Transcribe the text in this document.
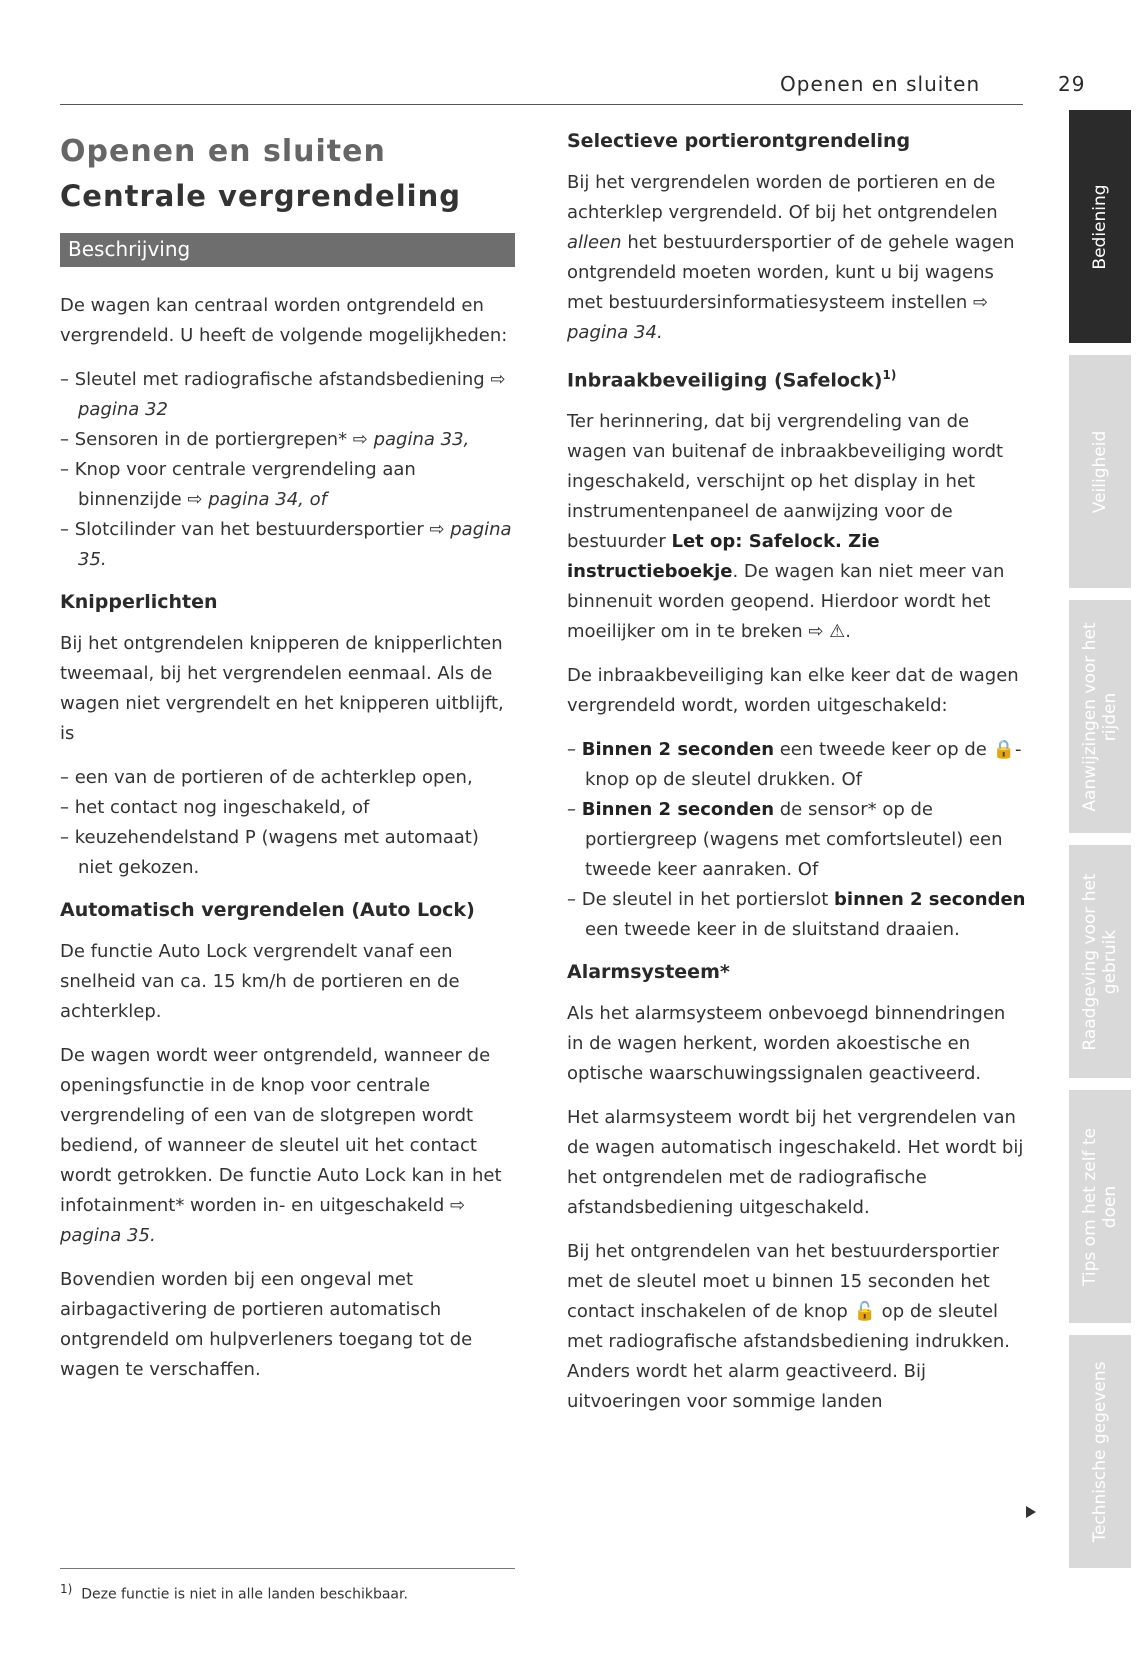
Openen en sluiten	29
Openen en sluiten
Centrale vergrendeling
Beschrijving

De wagen kan centraal worden ontgrendeld en vergrendeld. U heeft de volgende mogelijkheden:

– Sleutel met radiografische afstandsbediening ⇨ pagina 32
– Sensoren in de portiergrepen* ⇨ pagina 33,
– Knop voor centrale vergrendeling aan binnenzijde ⇨ pagina 34, of
– Slotcilinder van het bestuurdersportier ⇨ pagina 35.
Knipperlichten

Bij het ontgrendelen knipperen de knipperlichten tweemaal, bij het vergrendelen eenmaal. Als de wagen niet vergrendelt en het knipperen uitblijft, is

– een van de portieren of de achterklep open,
– het contact nog ingeschakeld, of
– keuzehendelstand P (wagens met automaat) niet gekozen.
Automatisch vergrendelen (Auto Lock)

De functie Auto Lock vergrendelt vanaf een snelheid van ca. 15 km/h de portieren en de achterklep.

De wagen wordt weer ontgrendeld, wanneer de openingsfunctie in de knop voor centrale vergrendeling of een van de slotgrepen wordt bediend, of wanneer de sleutel uit het contact wordt getrokken. De functie Auto Lock kan in het infotainment* worden in- en uitgeschakeld ⇨ pagina 35.

Bovendien worden bij een ongeval met airbagactivering de portieren automatisch ontgrendeld om hulpverleners toegang tot de wagen te verschaffen.

Selectieve portierontgrendeling

Bij het vergrendelen worden de portieren en de achterklep vergrendeld. Of bij het ontgrendelen alleen het bestuurdersportier of de gehele wagen ontgrendeld moeten worden, kunt u bij wagens met bestuurdersinformatiesysteem instellen ⇨ pagina 34.

Inbraakbeveiliging (Safelock)$^{1)}$

Ter herinnering, dat bij vergrendeling van de wagen van buitenaf de inbraakbeveiliging wordt ingeschakeld, verschijnt op het display in het instrumentenpaneel de aanwijzing voor de bestuurder Let op: Safelock. Zie instructieboekje. De wagen kan niet meer van binnenuit worden geopend. Hierdoor wordt het moeilijker om in te breken ⇨ ⚠.

De inbraakbeveiliging kan elke keer dat de wagen vergrendeld wordt, worden uitgeschakeld:

– Binnen 2 seconden een tweede keer op de 🔒-knop op de sleutel drukken. Of
– Binnen 2 seconden de sensor* op de portiergreep (wagens met comfortsleutel) een tweede keer aanraken. Of
– De sleutel in het portierslot binnen 2 seconden een tweede keer in de sluitstand draaien.
Alarmsysteem*

Als het alarmsysteem onbevoegd binnendringen in de wagen herkent, worden akoestische en optische waarschuwingssignalen geactiveerd.

Het alarmsysteem wordt bij het vergrendelen van de wagen automatisch ingeschakeld. Het wordt bij het ontgrendelen met de radiografische afstandsbediening uitgeschakeld.

Bij het ontgrendelen van het bestuurdersportier met de sleutel moet u binnen 15 seconden het contact inschakelen of de knop 🔓 op de sleutel met radiografische afstandsbediening indrukken. Anders wordt het alarm geactiveerd. Bij uitvoeringen voor sommige landen

Bediening
Veiligheid
Aanwijzingen voor het rijden
Raadgeving voor het gebruik
Tips om het zelf te doen
Technische gegevens
1) Deze functie is niet in alle landen beschikbaar.
